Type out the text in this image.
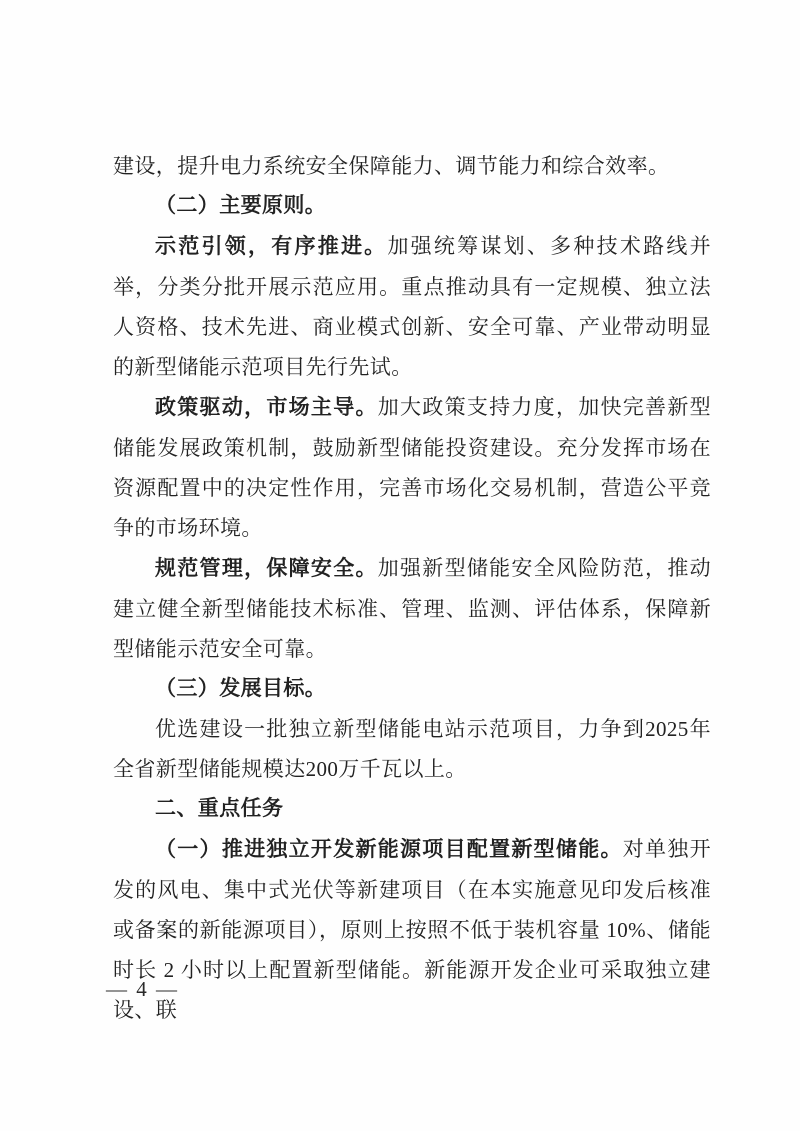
建设，提升电力系统安全保障能力、调节能力和综合效率。

（二）主要原则。

示范引领，有序推进。加强统筹谋划、多种技术路线并举，分类分批开展示范应用。重点推动具有一定规模、独立法人资格、技术先进、商业模式创新、安全可靠、产业带动明显的新型储能示范项目先行先试。

政策驱动，市场主导。加大政策支持力度，加快完善新型储能发展政策机制，鼓励新型储能投资建设。充分发挥市场在资源配置中的决定性作用，完善市场化交易机制，营造公平竞争的市场环境。

规范管理，保障安全。加强新型储能安全风险防范，推动建立健全新型储能技术标准、管理、监测、评估体系，保障新型储能示范安全可靠。

（三）发展目标。

优选建设一批独立新型储能电站示范项目，力争到2025年全省新型储能规模达200万千瓦以上。

二、重点任务

（一）推进独立开发新能源项目配置新型储能。对单独开发的风电、集中式光伏等新建项目（在本实施意见印发后核准或备案的新能源项目），原则上按照不低于装机容量 10%、储能时长 2 小时以上配置新型储能。新能源开发企业可采取独立建设、联

— 4 —
